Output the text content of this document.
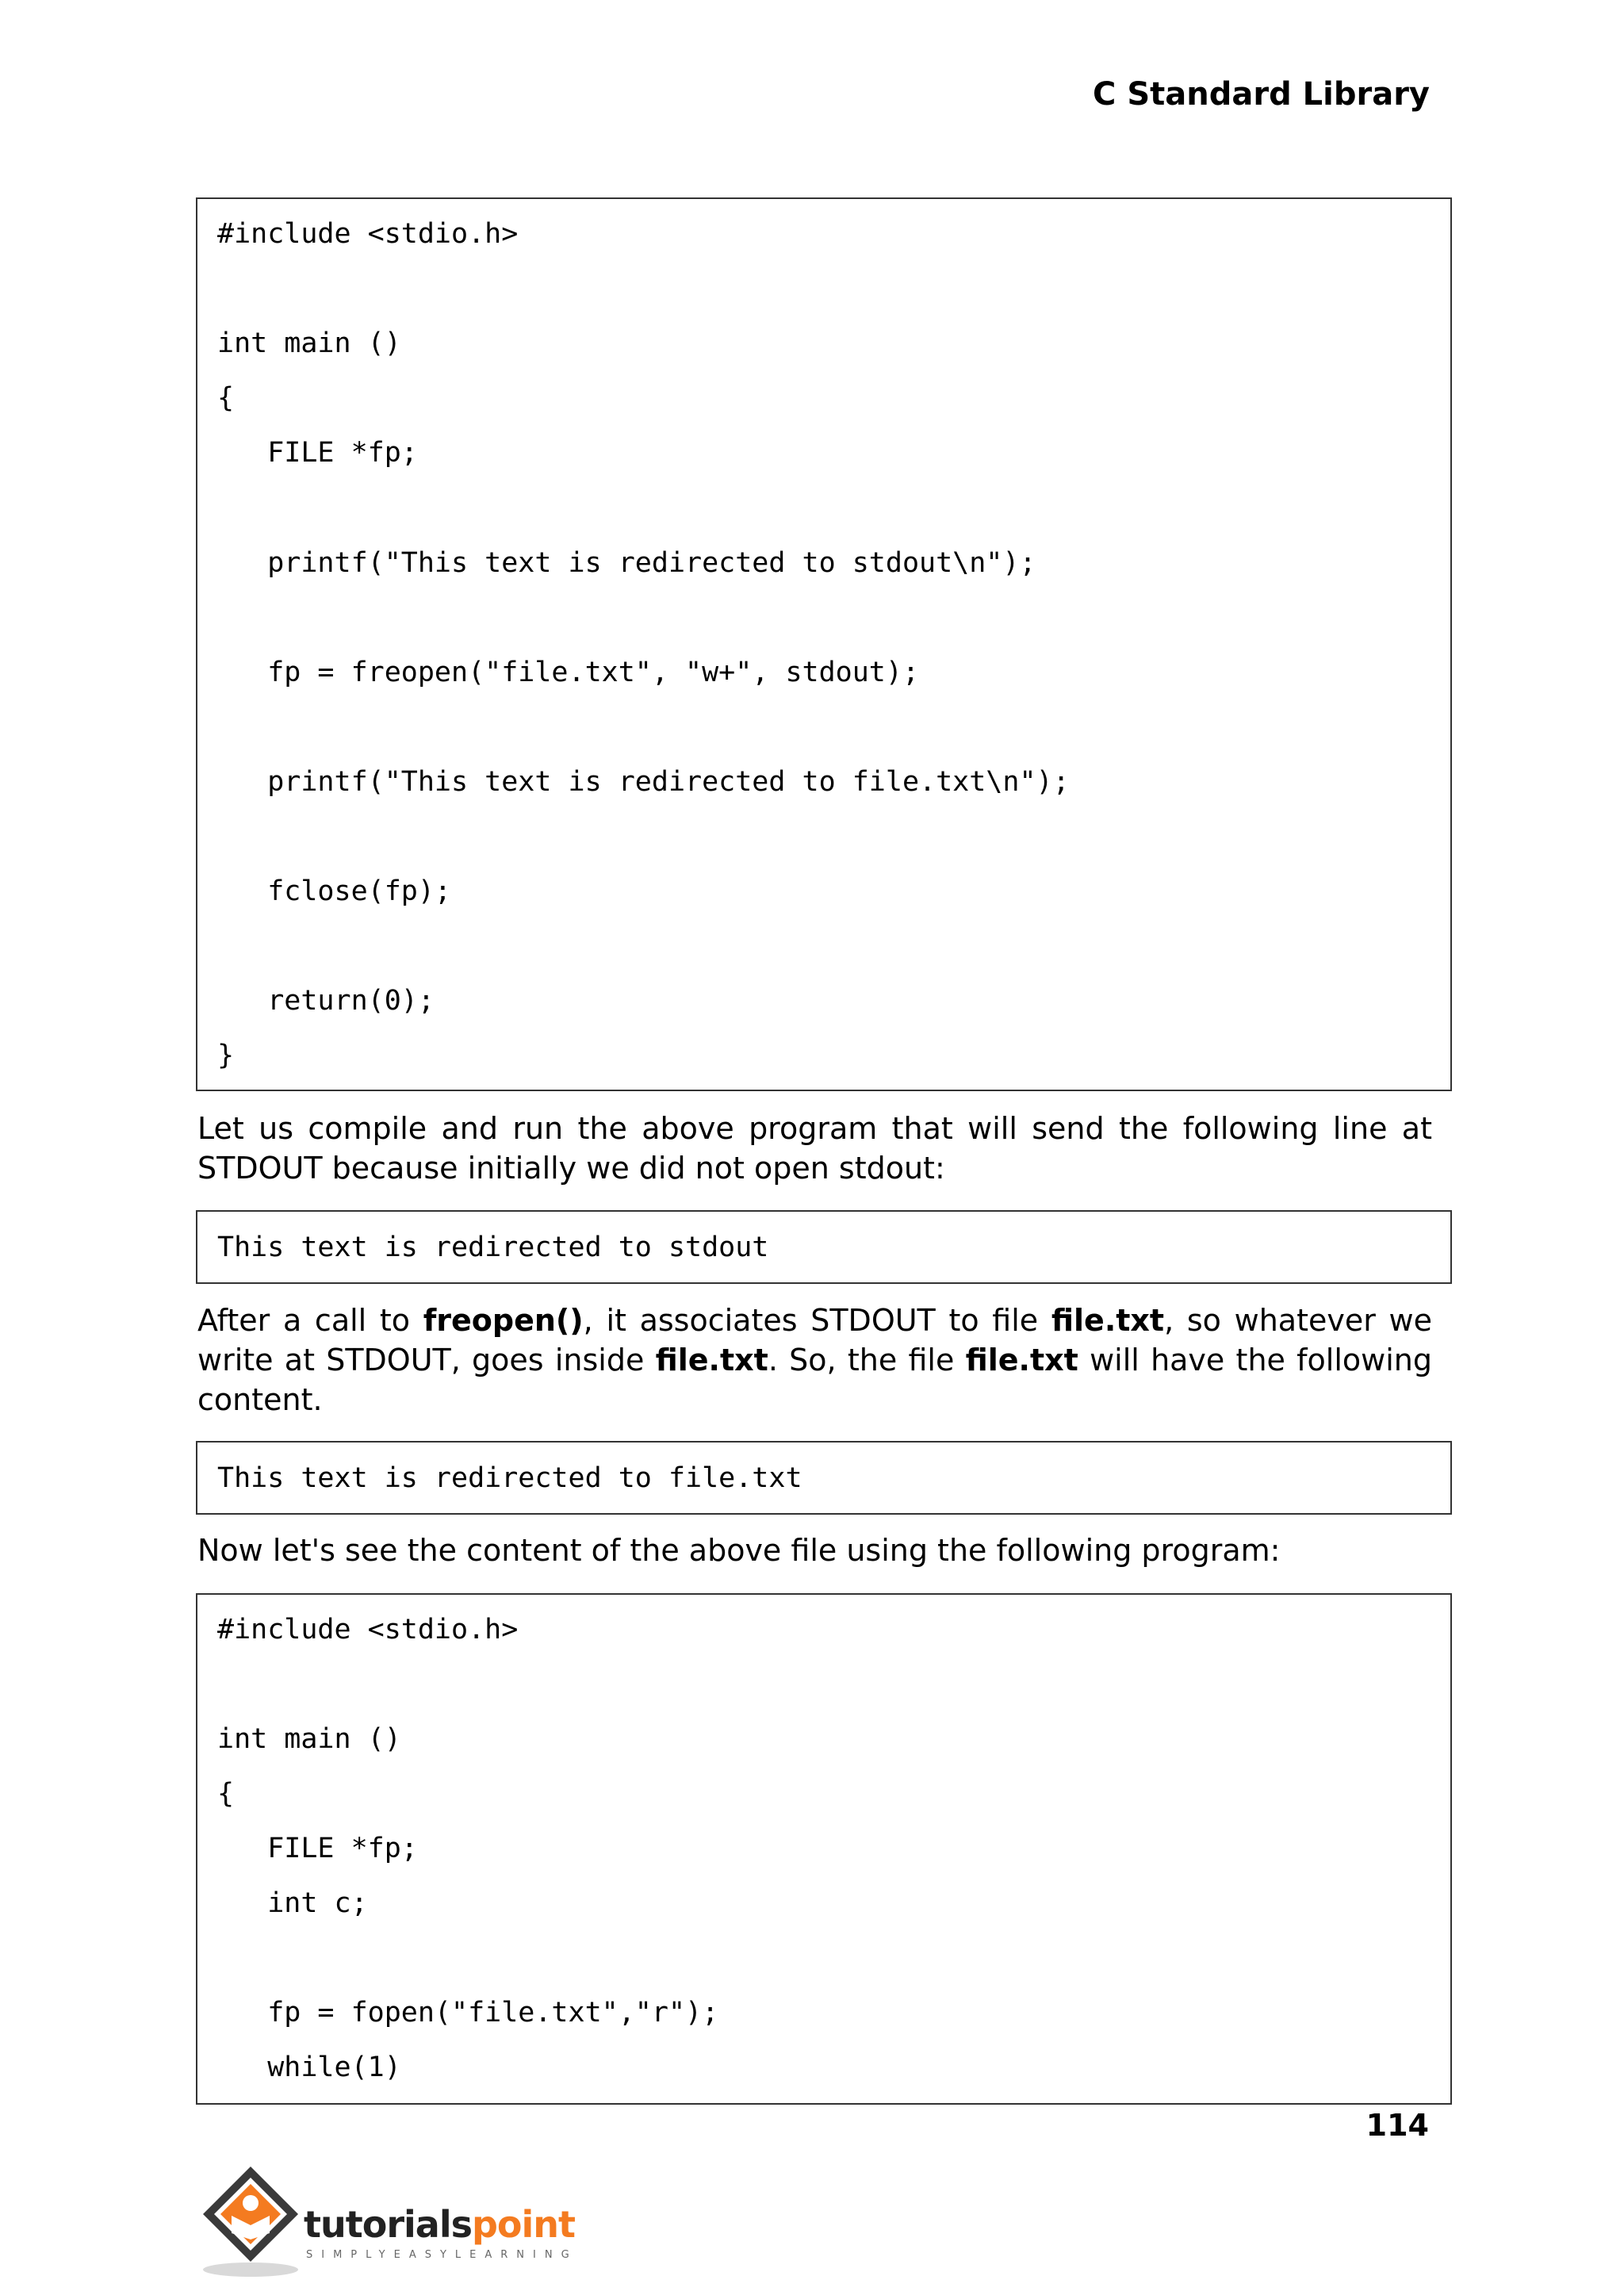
C Standard Library

#include <stdio.h>
int main ()
{
FILE *fp;
printf("This text is redirected to stdout\n");
fp = freopen("file.txt", "w+", stdout);
printf("This text is redirected to file.txt\n");
fclose(fp);
return(0);
}

Let us compile and run the above program that will send the following line at STDOUT because initially we did not open stdout:

This text is redirected to stdout

After a call to freopen(), it associates STDOUT to file file.txt, so whatever we write at STDOUT, goes inside file.txt. So, the file file.txt will have the following content.

This text is redirected to file.txt

Now let's see the content of the above file using the following program:

#include <stdio.h>
int main ()
{
FILE *fp;
int c;
fp = fopen("file.txt","r");
while(1)

114

tutorialspoint
SIMPLYEASYLEARNING
